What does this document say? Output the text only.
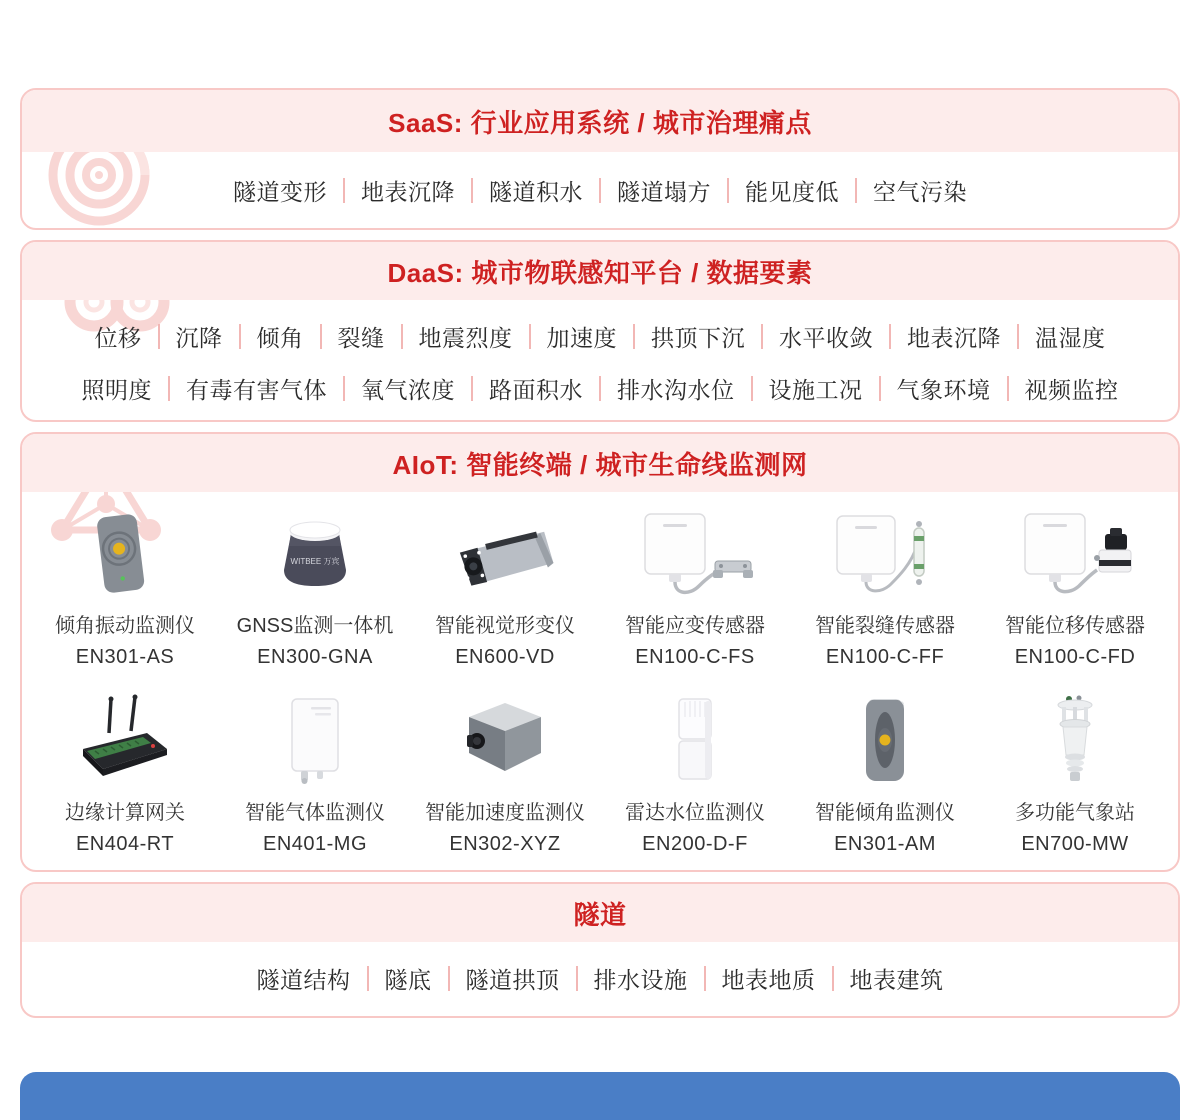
SaaS: 行业应用系统 / 城市治理痛点
隧道变形 地表沉降 隧道积水 隧道塌方 能见度低 空气污染
DaaS: 城市物联感知平台 / 数据要素
位移 沉降 倾角 裂缝 地震烈度 加速度 拱顶下沉 水平收敛 地表沉降 温湿度
照明度 有毒有害气体 氧气浓度 路面积水 排水沟水位 设施工况 气象环境 视频监控
AIoT: 智能终端 / 城市生命线监测网
倾角振动监测仪
EN301-AS
WITBEE 万宾
GNSS监测一体机
EN300-GNA
智能视觉形变仪
EN600-VD
智能应变传感器
EN100-C-FS
智能裂缝传感器
EN100-C-FF
智能位移传感器
EN100-C-FD
边缘计算网关
EN404-RT
智能气体监测仪
EN401-MG
智能加速度监测仪
EN302-XYZ
雷达水位监测仪
EN200-D-F
智能倾角监测仪
EN301-AM
多功能气象站
EN700-MW
隧道
隧道结构 隧底 隧道拱顶 排水设施 地表地质 地表建筑
